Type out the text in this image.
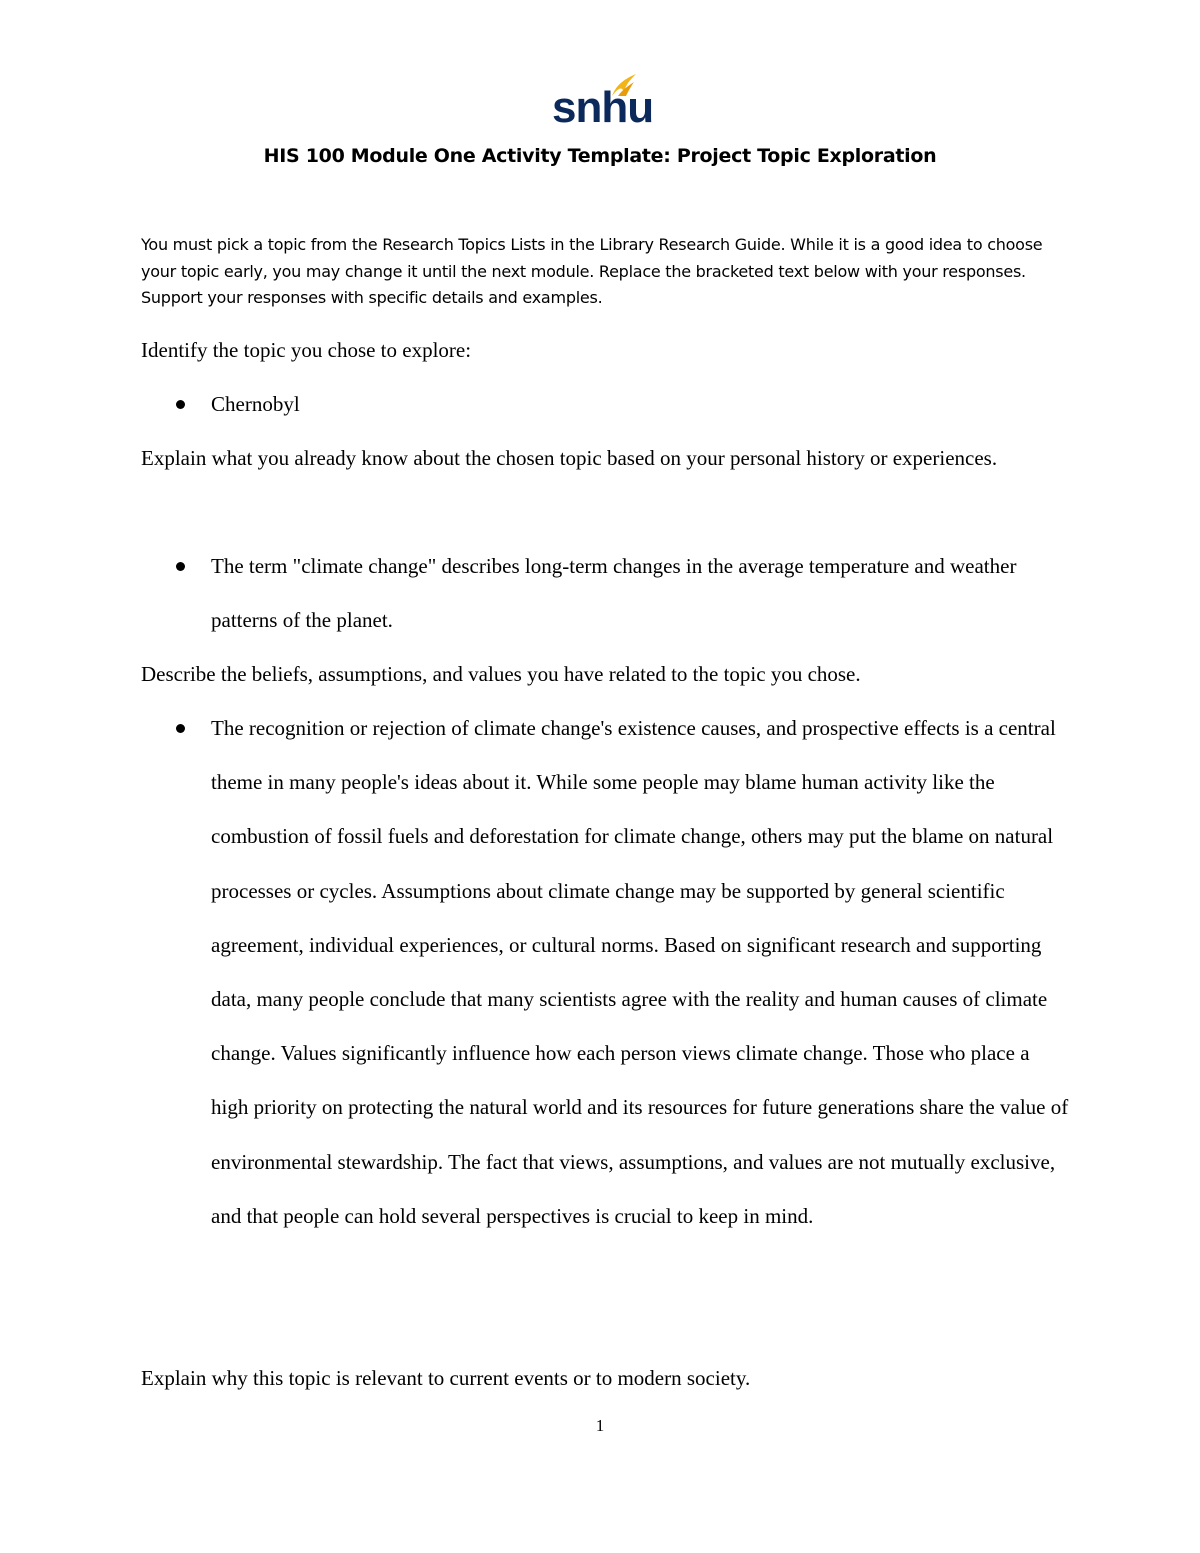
snhu
HIS 100 Module One Activity Template: Project Topic Exploration
You must pick a topic from the Research Topics Lists in the Library Research Guide. While it is a good idea to choose your topic early, you may change it until the next module. Replace the bracketed text below with your responses. Support your responses with specific details and examples.

Identify the topic you chose to explore:

Chernobyl

Explain what you already know about the chosen topic based on your personal history or experiences.

The term "climate change" describes long-term changes in the average temperature and weather patterns of the planet.

Describe the beliefs, assumptions, and values you have related to the topic you chose.

The recognition or rejection of climate change's existence causes, and prospective effects is a central theme in many people's ideas about it. While some people may blame human activity like the combustion of fossil fuels and deforestation for climate change, others may put the blame on natural processes or cycles. Assumptions about climate change may be supported by general scientific agreement, individual experiences, or cultural norms. Based on significant research and supporting data, many people conclude that many scientists agree with the reality and human causes of climate change. Values significantly influence how each person views climate change. Those who place a high priority on protecting the natural world and its resources for future generations share the value of environmental stewardship. The fact that views, assumptions, and values are not mutually exclusive, and that people can hold several perspectives is crucial to keep in mind.

Explain why this topic is relevant to current events or to modern society.

1
